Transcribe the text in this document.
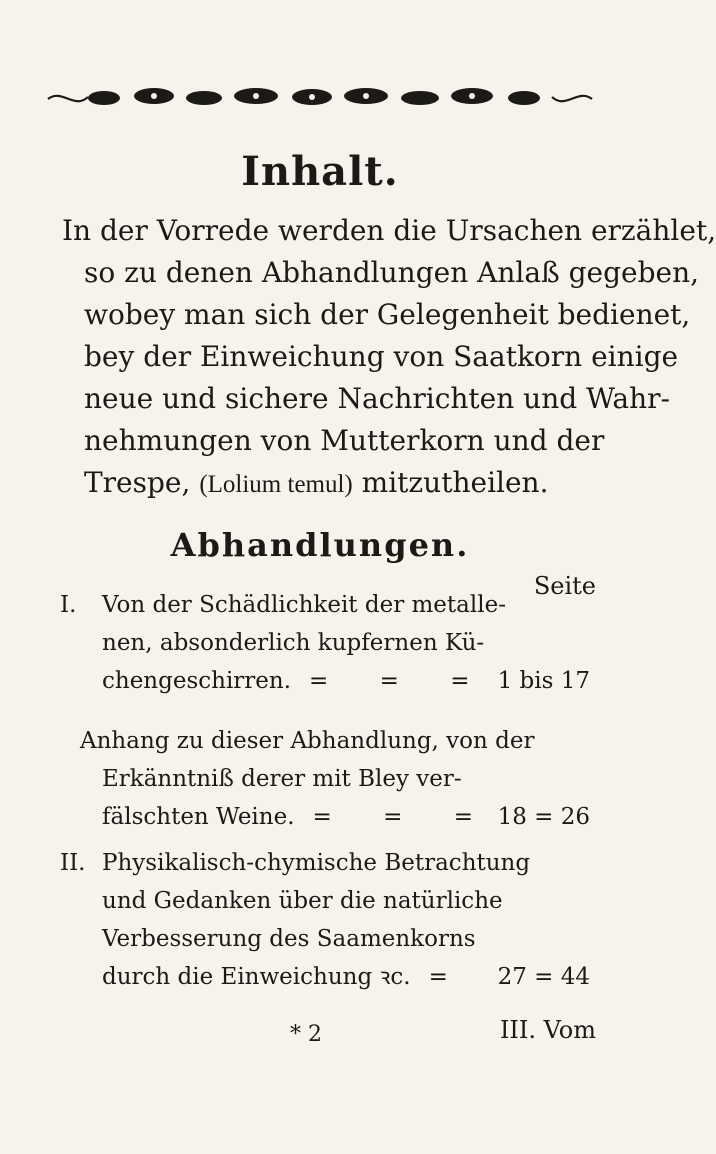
Inhalt.
In der Vorrede werden die Ursachen erzählet,
so zu denen Abhandlungen Anlaß gegeben,
wobey man sich der Gelegenheit bedienet,
bey der Einweichung von Saatkorn einige
neue und sichere Nachrichten und Wahr-
nehmungen von Mutterkorn und der
Trespe, (Lolium temul) mitzutheilen.
Abhandlungen.
Seite
I. Von der Schädlichkeit der metalle-
nen, absonderlich kupfernen Kü-
chengeschirren. = = = 1 bis 17
Anhang zu dieser Abhandlung, von der
Erkänntniß derer mit Bley ver-
fälschten Weine. = = = 18 = 26
II. Physikalisch-chymische Betrachtung
und Gedanken über die natürliche
Verbesserung des Saamenkorns
durch die Einweichung ꝛc. =	27 = 44
* 2	III. Vom
